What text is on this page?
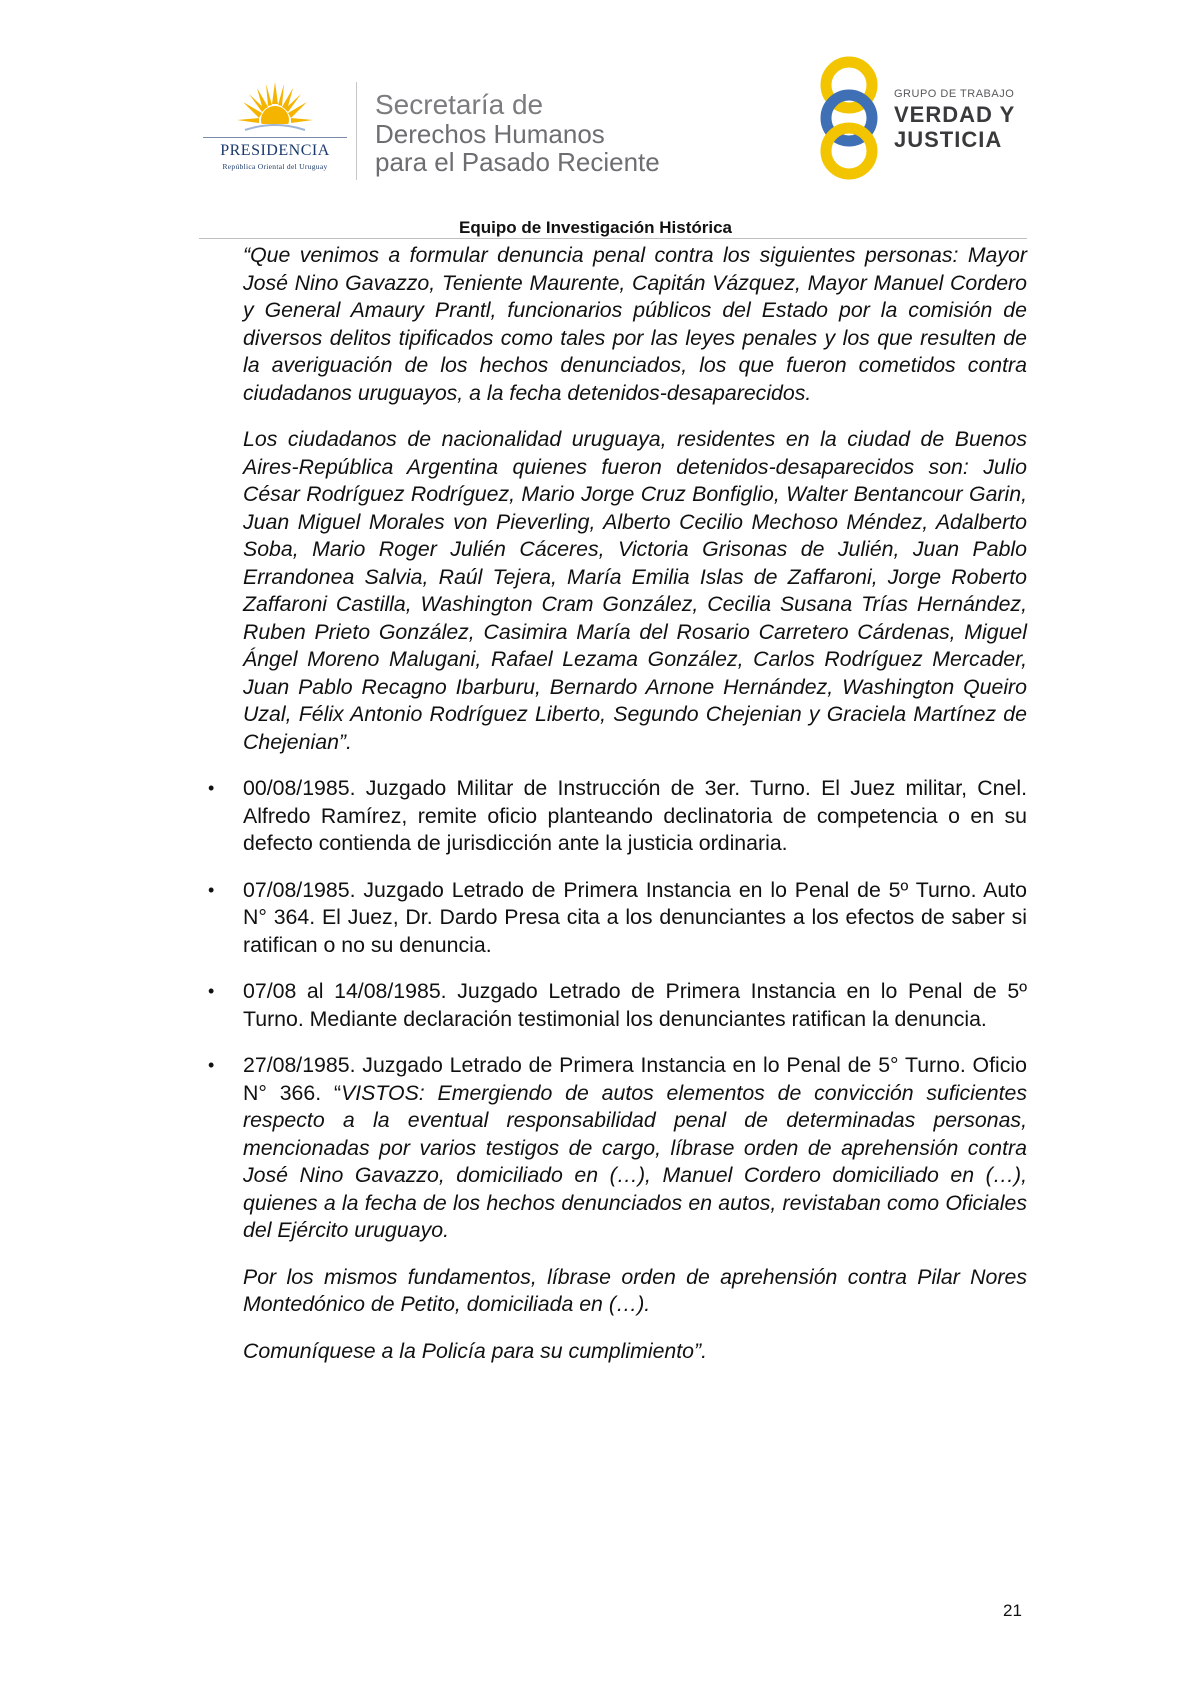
PRESIDENCIA
República Oriental del Uruguay
Secretaría de
Derechos Humanos
para el Pasado Reciente
GRUPO DE TRABAJO
VERDAD Y
JUSTICIA
Equipo de Investigación Histórica

“Que venimos a formular denuncia penal contra los siguientes personas: Mayor José Nino Gavazzo, Teniente Maurente, Capitán Vázquez, Mayor Manuel Cordero y General Amaury Prantl, funcionarios públicos del Estado por la comisión de diversos delitos tipificados como tales por las leyes penales y los que resulten de la averiguación de los hechos denunciados, los que fueron cometidos contra ciudadanos uruguayos, a la fecha detenidos-desaparecidos.

Los ciudadanos de nacionalidad uruguaya, residentes en la ciudad de Buenos Aires-República Argentina quienes fueron detenidos-desaparecidos son: Julio César Rodríguez Rodríguez, Mario Jorge Cruz Bonfiglio, Walter Bentancour Garin, Juan Miguel Morales von Pieverling, Alberto Cecilio Mechoso Méndez, Adalberto Soba, Mario Roger Julién Cáceres, Victoria Grisonas de Julién, Juan Pablo Errandonea Salvia, Raúl Tejera, María Emilia Islas de Zaffaroni, Jorge Roberto Zaffaroni Castilla, Washington Cram González, Cecilia Susana Trías Hernández, Ruben Prieto González, Casimira María del Rosario Carretero Cárdenas, Miguel Ángel Moreno Malugani, Rafael Lezama González, Carlos Rodríguez Mercader, Juan Pablo Recagno Ibarburu, Bernardo Arnone Hernández, Washington Queiro Uzal, Félix Antonio Rodríguez Liberto, Segundo Chejenian y Graciela Martínez de Chejenian”.

• 00/08/1985. Juzgado Militar de Instrucción de 3er. Turno. El Juez militar, Cnel. Alfredo Ramírez, remite oficio planteando declinatoria de competencia o en su defecto contienda de jurisdicción ante la justicia ordinaria.

• 07/08/1985. Juzgado Letrado de Primera Instancia en lo Penal de 5º Turno. Auto N° 364. El Juez, Dr. Dardo Presa cita a los denunciantes a los efectos de saber si ratifican o no su denuncia.

• 07/08 al 14/08/1985. Juzgado Letrado de Primera Instancia en lo Penal de 5º Turno. Mediante declaración testimonial los denunciantes ratifican la denuncia.

• 27/08/1985. Juzgado Letrado de Primera Instancia en lo Penal de 5° Turno. Oficio N° 366. “VISTOS: Emergiendo de autos elementos de convicción suficientes respecto a la eventual responsabilidad penal de determinadas personas, mencionadas por varios testigos de cargo, líbrase orden de aprehensión contra José Nino Gavazzo, domiciliado en (…), Manuel Cordero domiciliado en (…), quienes a la fecha de los hechos denunciados en autos, revistaban como Oficiales del Ejército uruguayo.

Por los mismos fundamentos, líbrase orden de aprehensión contra Pilar Nores Montedónico de Petito, domiciliada en (…).

Comuníquese a la Policía para su cumplimiento”.

21
